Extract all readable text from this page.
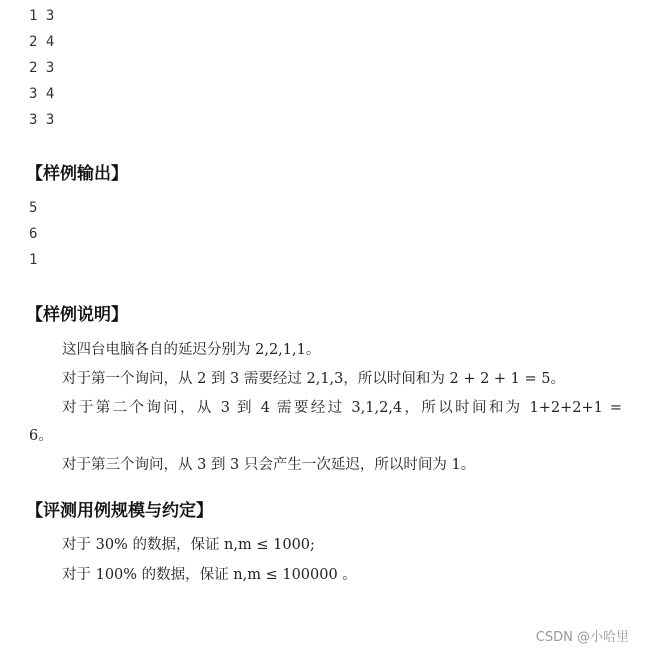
1 3
2 4
2 3
3 4
3 3
【样例输出】
5
6
1
【样例说明】
这四台电脑各自的延迟分别为 2,2,1,1。
对于第一个询问，从 2 到 3 需要经过 2,1,3，所以时间和为 2 + 2 + 1 = 5。
对于第二个询问，从 3 到 4 需要经过 3,1,2,4，所以时间和为 1+2+2+1 =
6。
对于第三个询问，从 3 到 3 只会产生一次延迟，所以时间为 1。
【评测用例规模与约定】
对于 30% 的数据，保证 n,m ≤ 1000;
对于 100% 的数据，保证 n,m ≤ 100000 。
CSDN @小哈里
